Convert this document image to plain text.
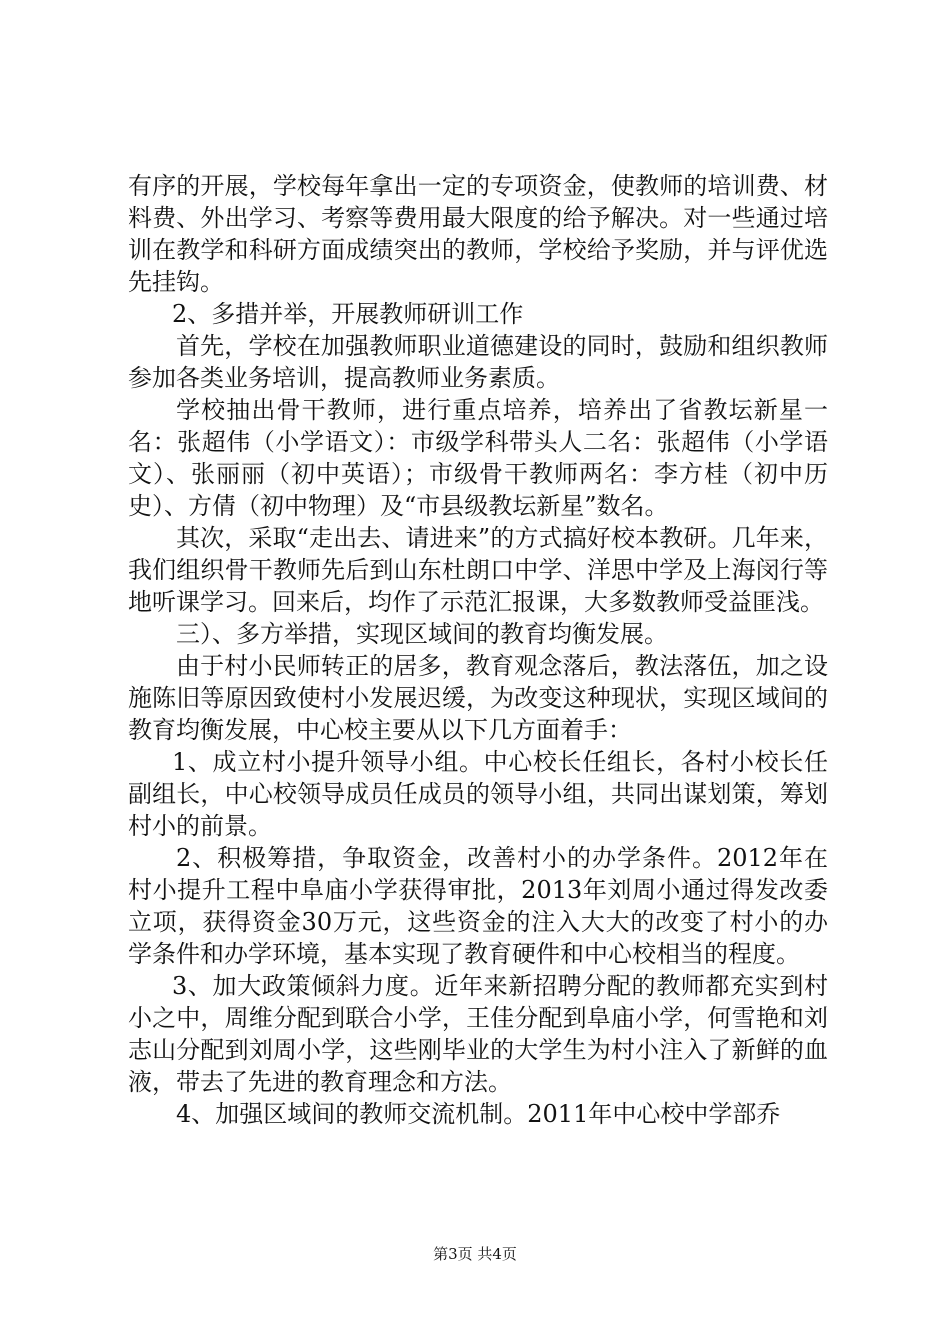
有序的开展，学校每年拿出一定的专项资金，使教师的培训费、材料费、外出学习、考察等费用最大限度的给予解决。对一些通过培训在教学和科研方面成绩突出的教师，学校给予奖励，并与评优选先挂钩。

2、多措并举，开展教师研训工作

首先，学校在加强教师职业道德建设的同时，鼓励和组织教师参加各类业务培训，提高教师业务素质。

学校抽出骨干教师，进行重点培养，培养出了省教坛新星一名：张超伟（小学语文）：市级学科带头人二名：张超伟（小学语文）、张丽丽（初中英语）；市级骨干教师两名：李方桂（初中历史）、方倩（初中物理）及“市县级教坛新星”数名。

其次，采取“走出去、请进来”的方式搞好校本教研。几年来，我们组织骨干教师先后到山东杜朗口中学、洋思中学及上海闵行等地听课学习。回来后，均作了示范汇报课，大多数教师受益匪浅。

三）、多方举措，实现区域间的教育均衡发展。

由于村小民师转正的居多，教育观念落后，教法落伍，加之设施陈旧等原因致使村小发展迟缓，为改变这种现状，实现区域间的教育均衡发展，中心校主要从以下几方面着手：

1、成立村小提升领导小组。中心校长任组长，各村小校长任副组长，中心校领导成员任成员的领导小组，共同出谋划策，筹划村小的前景。

2、积极筹措，争取资金，改善村小的办学条件。2012年在村小提升工程中阜庙小学获得审批，2013年刘周小通过得发改委立项，获得资金30万元，这些资金的注入大大的改变了村小的办学条件和办学环境，基本实现了教育硬件和中心校相当的程度。

3、加大政策倾斜力度。近年来新招聘分配的教师都充实到村小之中，周维分配到联合小学，王佳分配到阜庙小学，何雪艳和刘志山分配到刘周小学，这些刚毕业的大学生为村小注入了新鲜的血液，带去了先进的教育理念和方法。

4、加强区域间的教师交流机制。2011年中心校中学部乔

第3页 共4页
